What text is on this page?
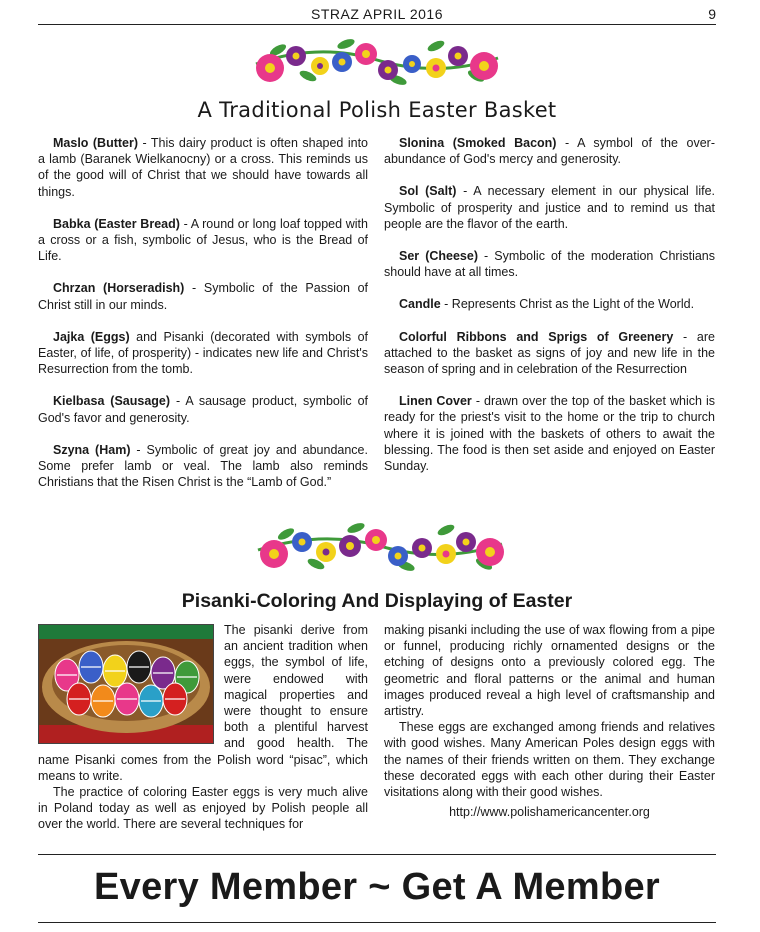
STRAZ APRIL 2016	9
A Traditional Polish Easter Basket

Maslo (Butter) - This dairy product is often shaped into a lamb (Baranek Wielkanocny) or a cross. This reminds us of the good will of Christ that we should have towards all things.

Babka (Easter Bread) - A round or long loaf topped with a cross or a fish, symbolic of Jesus, who is the Bread of Life.

Chrzan (Horseradish) - Symbolic of the Passion of Christ still in our minds.

Jajka (Eggs) and Pisanki (decorated with symbols of Easter, of life, of prosperity) - indicates new life and Christ's Resurrection from the tomb.

Kielbasa (Sausage) - A sausage product, symbolic of God's favor and generosity.

Szyna (Ham) - Symbolic of great joy and abundance. Some prefer lamb or veal. The lamb also reminds Christians that the Risen Christ is the “Lamb of God.”

Slonina (Smoked Bacon) - A symbol of the over-abundance of God's mercy and generosity.

Sol (Salt) - A necessary element in our physical life. Symbolic of prosperity and justice and to remind us that people are the flavor of the earth.

Ser (Cheese) - Symbolic of the moderation Christians should have at all times.

Candle - Represents Christ as the Light of the World.

Colorful Ribbons and Sprigs of Greenery - are attached to the basket as signs of joy and new life in the season of spring and in celebration of the Resurrection

Linen Cover - drawn over the top of the basket which is ready for the priest's visit to the home or the trip to church where it is joined with the baskets of others to await the blessing. The food is then set aside and enjoyed on Easter Sunday.

Pisanki-Coloring And Displaying of Easter

The pisanki derive from an ancient tradition when eggs, the symbol of life, were endowed with magical properties and were thought to ensure both a plentiful harvest and good health. The name Pisanki comes from the Polish word “pisac”, which means to write.

The practice of coloring Easter eggs is very much alive in Poland today as well as enjoyed by Polish people all over the world. There are several techniques for

making pisanki including the use of wax flowing from a pipe or funnel, producing richly ornamented designs or the etching of designs onto a previously colored egg. The geometric and floral patterns or the animal and human images produced reveal a high level of craftsmanship and artistry.

These eggs are exchanged among friends and relatives with good wishes. Many American Poles design eggs with the names of their friends written on them. They exchange these decorated eggs with each other during their Easter visitations along with their good wishes.

http://www.polishamericancenter.org

Every Member ~ Get A Member
